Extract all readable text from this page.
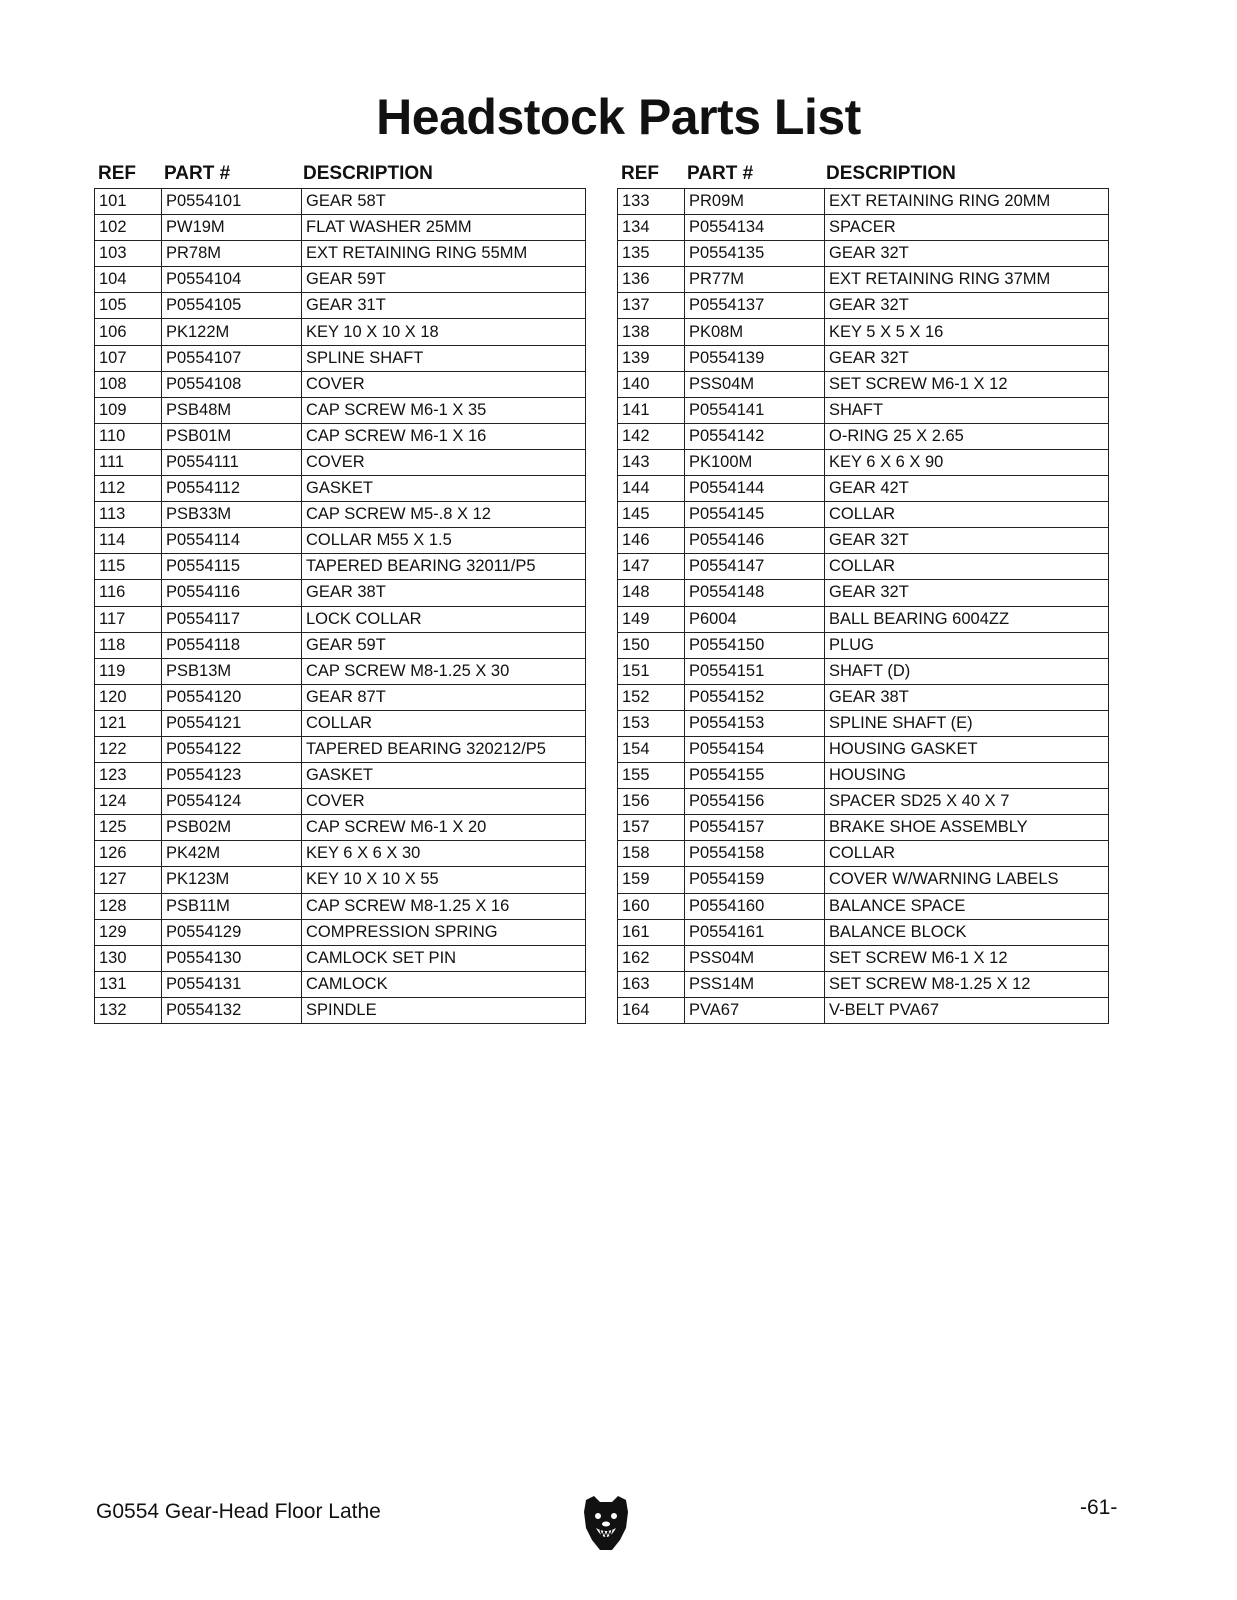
Headstock Parts List
REF PART #	DESCRIPTION
101	P0554101	GEAR 58T
102	PW19M	FLAT WASHER 25MM
103	PR78M	EXT RETAINING RING 55MM
104	P0554104	GEAR 59T
105	P0554105	GEAR 31T
106	PK122M	KEY 10 X 10 X 18
107	P0554107	SPLINE SHAFT
108	P0554108	COVER
109	PSB48M	CAP SCREW M6-1 X 35
110	PSB01M	CAP SCREW M6-1 X 16
111	P0554111	COVER
112	P0554112	GASKET
113	PSB33M	CAP SCREW M5-.8 X 12
114	P0554114	COLLAR M55 X 1.5
115	P0554115	TAPERED BEARING 32011/P5
116	P0554116	GEAR 38T
117	P0554117	LOCK COLLAR
118	P0554118	GEAR 59T
119	PSB13M	CAP SCREW M8-1.25 X 30
120	P0554120	GEAR 87T
121	P0554121	COLLAR
122	P0554122	TAPERED BEARING 320212/P5
123	P0554123	GASKET
124	P0554124	COVER
125	PSB02M	CAP SCREW M6-1 X 20
126	PK42M	KEY 6 X 6 X 30
127	PK123M	KEY 10 X 10 X 55
128	PSB11M	CAP SCREW M8-1.25 X 16
129	P0554129	COMPRESSION SPRING
130	P0554130	CAMLOCK SET PIN
131	P0554131	CAMLOCK
132	P0554132	SPINDLE
REF PART #	DESCRIPTION
133	PR09M	EXT RETAINING RING 20MM
134	P0554134	SPACER
135	P0554135	GEAR 32T
136	PR77M	EXT RETAINING RING 37MM
137	P0554137	GEAR 32T
138	PK08M	KEY 5 X 5 X 16
139	P0554139	GEAR 32T
140	PSS04M	SET SCREW M6-1 X 12
141	P0554141	SHAFT
142	P0554142	O-RING 25 X 2.65
143	PK100M	KEY 6 X 6 X 90
144	P0554144	GEAR 42T
145	P0554145	COLLAR
146	P0554146	GEAR 32T
147	P0554147	COLLAR
148	P0554148	GEAR 32T
149	P6004	BALL BEARING 6004ZZ
150	P0554150	PLUG
151	P0554151	SHAFT (D)
152	P0554152	GEAR 38T
153	P0554153	SPLINE SHAFT (E)
154	P0554154	HOUSING GASKET
155	P0554155	HOUSING
156	P0554156	SPACER SD25 X 40 X 7
157	P0554157	BRAKE SHOE ASSEMBLY
158	P0554158	COLLAR
159	P0554159	COVER W/WARNING LABELS
160	P0554160	BALANCE SPACE
161	P0554161	BALANCE BLOCK
162	PSS04M	SET SCREW M6-1 X 12
163	PSS14M	SET SCREW M8-1.25 X 12
164	PVA67	V-BELT PVA67
G0554 Gear-Head Floor Lathe	-61-
